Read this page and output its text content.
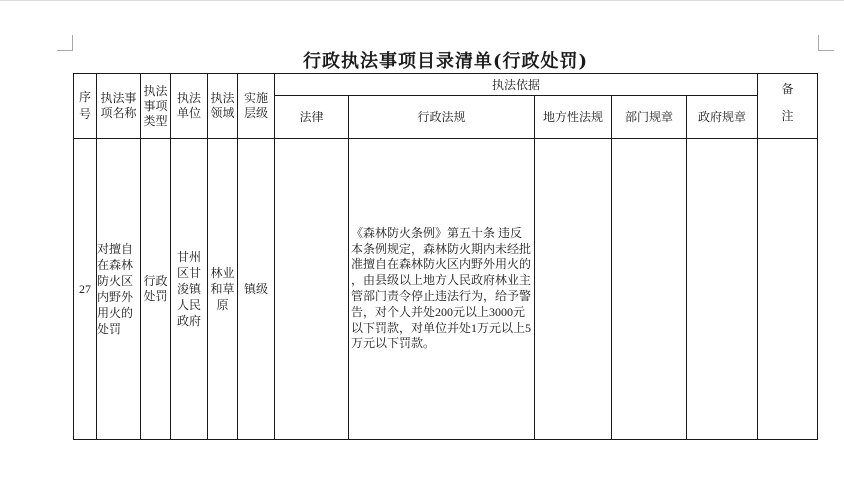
行政执法事项目录清单(行政处罚)
序号
执法事项名称
执法事项类型
执法单位
执法领域
实施层级
执法依据
法律	行政法规	地方性法规 部门规章 政府规章
备注
27
对擅自在森林防火区内野外用火的处罚
行政处罚
甘州区甘浚镇人民政府
林业和草原
镇级
《森林防火条例》第五十条 违反
本条例规定，森林防火期内未经批
准擅自在森林防火区内野外用火的
，由县级以上地方人民政府林业主
管部门责令停止违法行为，给予警
告，对个人并处200元以上3000元
以下罚款，对单位并处1万元以上5
万元以下罚款。
